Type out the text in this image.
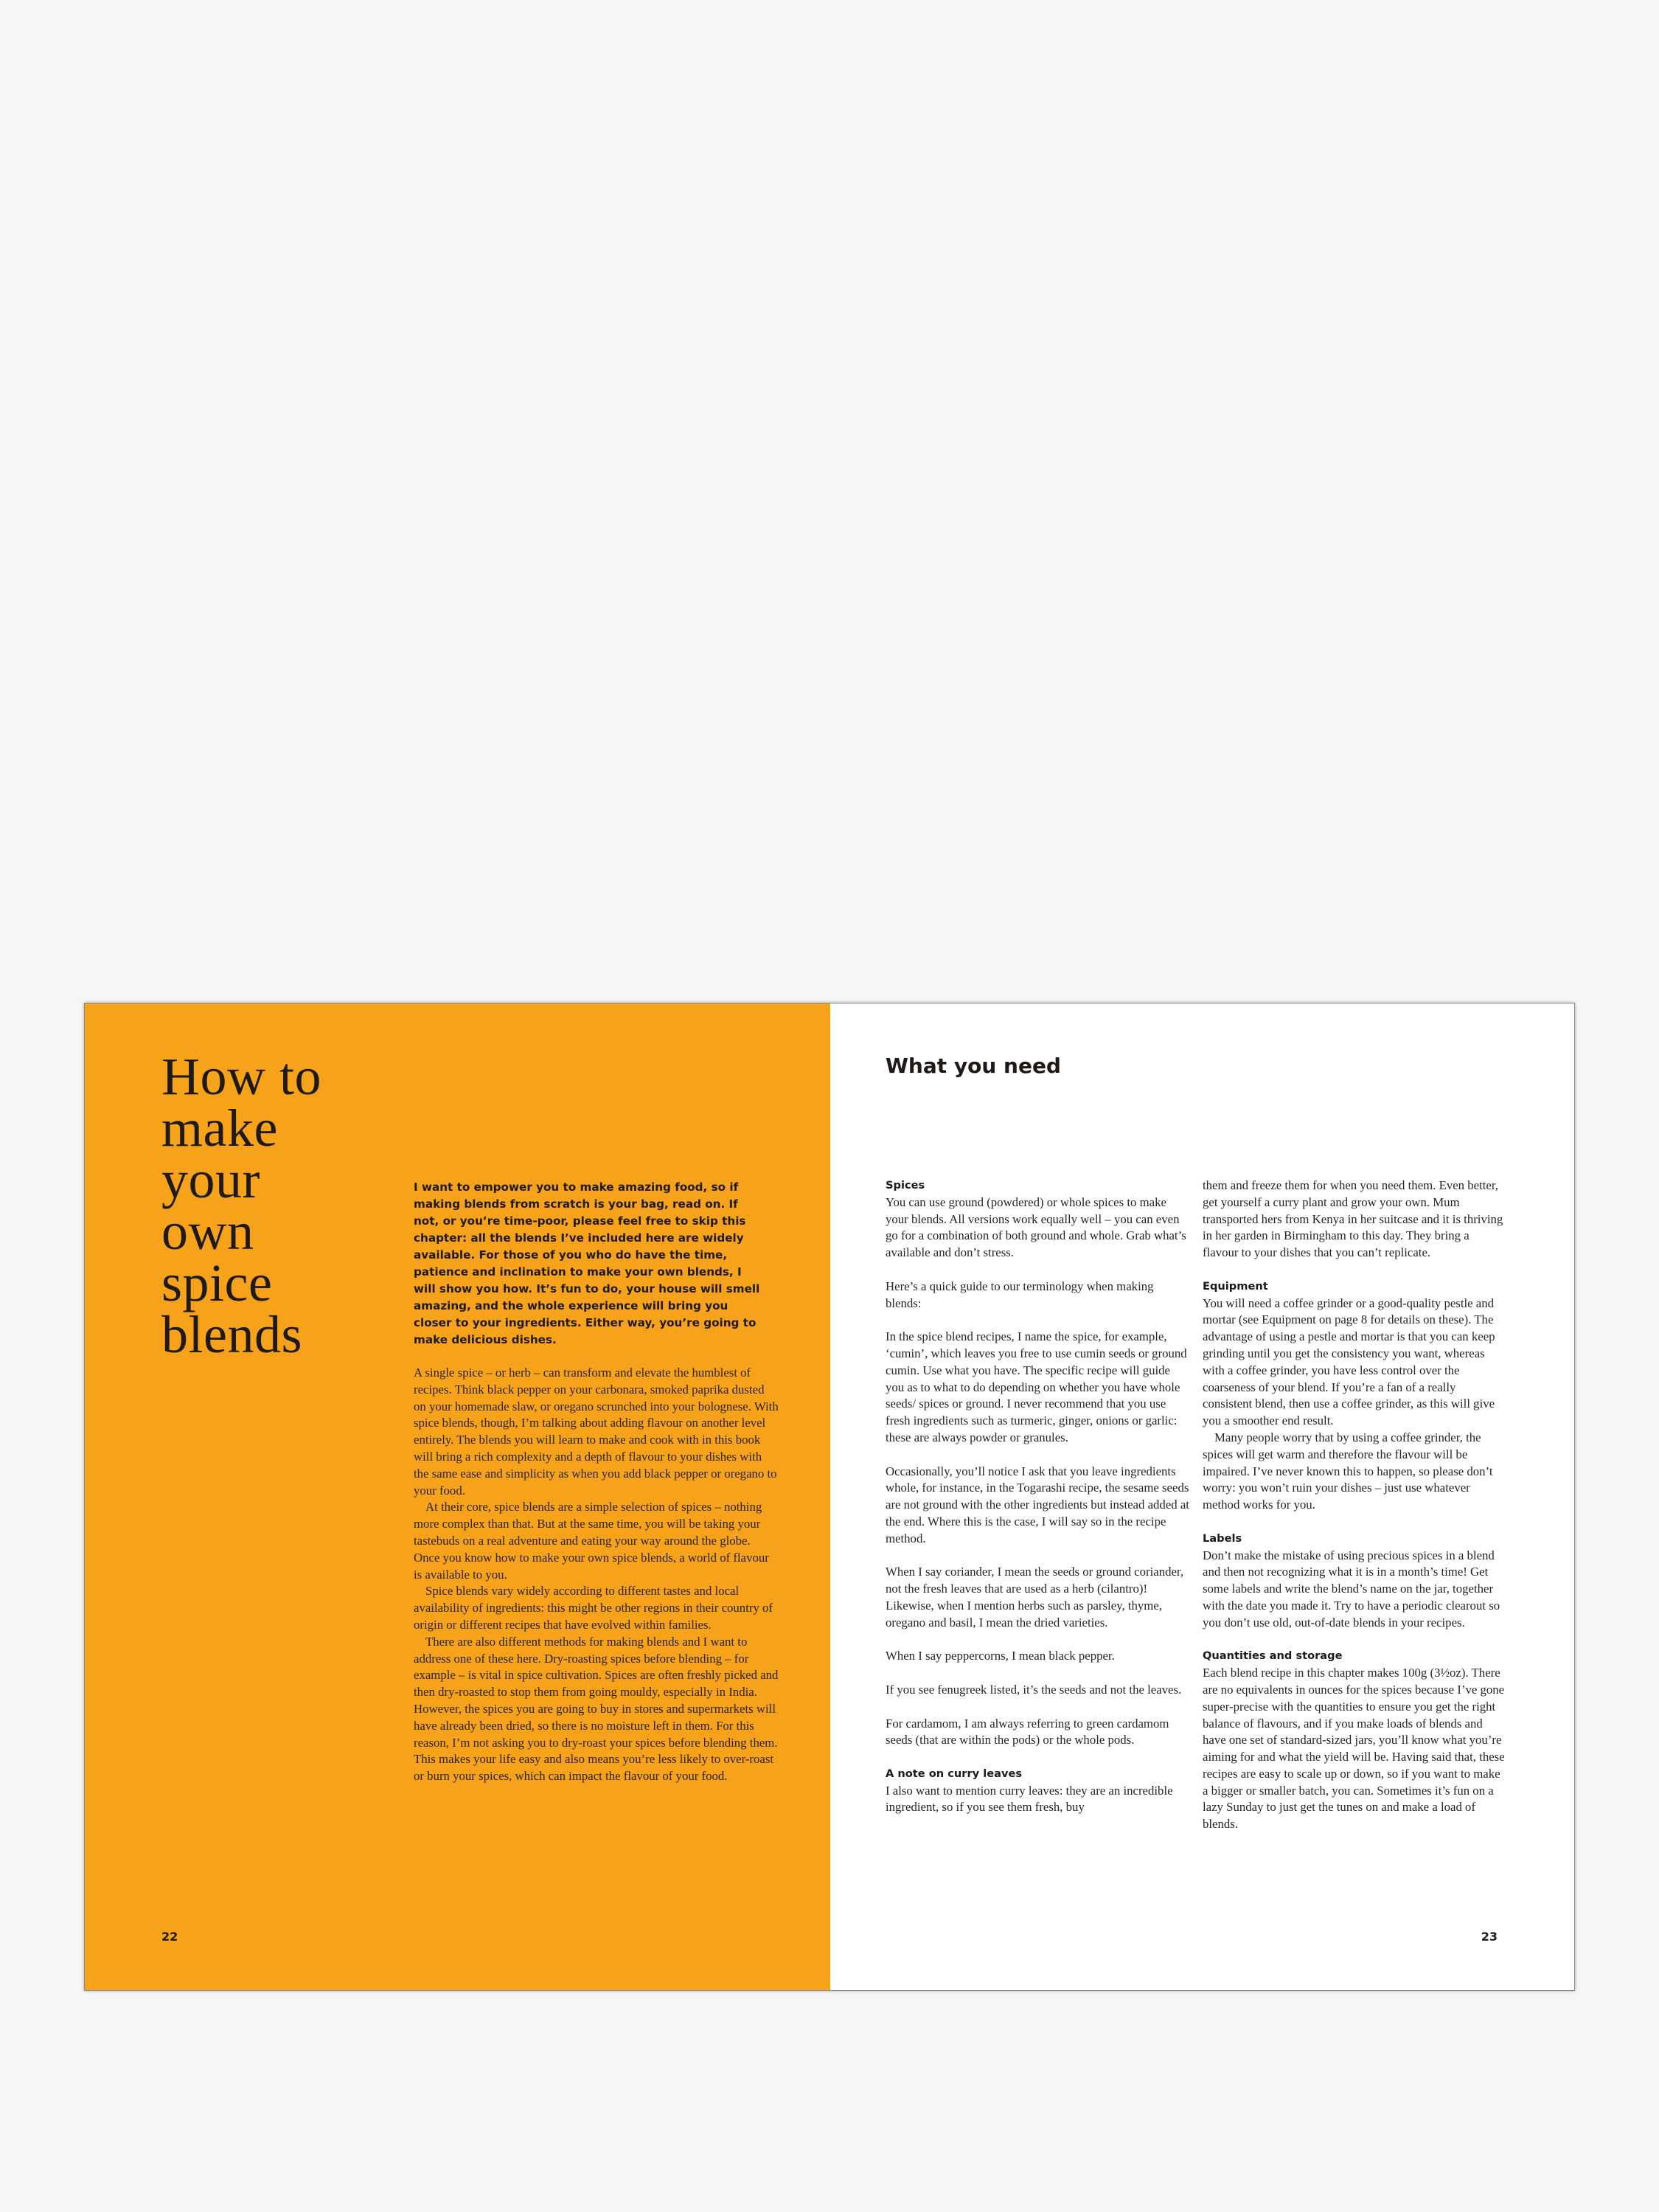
How to
make
your
own
spice
blends

I want to empower you to make amazing food, so if making blends from scratch is your bag, read on. If not, or you’re time-poor, please feel free to skip this chapter: all the blends I’ve included here are widely available. For those of you who do have the time, patience and inclination to make your own blends, I will show you how. It’s fun to do, your house will smell amazing, and the whole experience will bring you closer to your ingredients. Either way, you’re going to make delicious dishes.

A single spice – or herb – can transform and elevate the humblest of recipes. Think black pepper on your carbonara, smoked paprika dusted on your homemade slaw, or oregano scrunched into your bolognese. With spice blends, though, I’m talking about adding flavour on another level entirely. The blends you will learn to make and cook with in this book will bring a rich complexity and a depth of flavour to your dishes with the same ease and simplicity as when you add black pepper or oregano to your food.

At their core, spice blends are a simple selection of spices – nothing more complex than that. But at the same time, you will be taking your tastebuds on a real adventure and eating your way around the globe. Once you know how to make your own spice blends, a world of flavour is available to you.

Spice blends vary widely according to different tastes and local availability of ingredients: this might be other regions in their country of origin or different recipes that have evolved within families.

There are also different methods for making blends and I want to address one of these here. Dry-roasting spices before blending – for example – is vital in spice cultivation. Spices are often freshly picked and then dry-roasted to stop them from going mouldy, especially in India. However, the spices you are going to buy in stores and supermarkets will have already been dried, so there is no moisture left in them. For this reason, I’m not asking you to dry-roast your spices before blending them. This makes your life easy and also means you’re less likely to over-roast or burn your spices, which can impact the flavour of your food.

22
What you need

Spices
You can use ground (powdered) or whole spices to make your blends. All versions work equally well – you can even go for a combination of both ground and whole. Grab what’s available and don’t stress.

Here’s a quick guide to our terminology when making blends:

In the spice blend recipes, I name the spice, for example, ‘cumin’, which leaves you free to use cumin seeds or ground cumin. Use what you have. The specific recipe will guide you as to what to do depending on whether you have whole seeds/ spices or ground. I never recommend that you use fresh ingredients such as turmeric, ginger, onions or garlic: these are always powder or granules.

Occasionally, you’ll notice I ask that you leave ingredients whole, for instance, in the Togarashi recipe, the sesame seeds are not ground with the other ingredients but instead added at the end. Where this is the case, I will say so in the recipe method.

When I say coriander, I mean the seeds or ground coriander, not the fresh leaves that are used as a herb (cilantro)! Likewise, when I mention herbs such as parsley, thyme, oregano and basil, I mean the dried varieties.

When I say peppercorns, I mean black pepper.

If you see fenugreek listed, it’s the seeds and not the leaves.

For cardamom, I am always referring to green cardamom seeds (that are within the pods) or the whole pods.

A note on curry leaves
I also want to mention curry leaves: they are an incredible ingredient, so if you see them fresh, buy

them and freeze them for when you need them. Even better, get yourself a curry plant and grow your own. Mum transported hers from Kenya in her suitcase and it is thriving in her garden in Birmingham to this day. They bring a flavour to your dishes that you can’t replicate.

Equipment
You will need a coffee grinder or a good-quality pestle and mortar (see Equipment on page 8 for details on these). The advantage of using a pestle and mortar is that you can keep grinding until you get the consistency you want, whereas with a coffee grinder, you have less control over the coarseness of your blend. If you’re a fan of a really consistent blend, then use a coffee grinder, as this will give you a smoother end result.

Many people worry that by using a coffee grinder, the spices will get warm and therefore the flavour will be impaired. I’ve never known this to happen, so please don’t worry: you won’t ruin your dishes – just use whatever method works for you.

Labels
Don’t make the mistake of using precious spices in a blend and then not recognizing what it is in a month’s time! Get some labels and write the blend’s name on the jar, together with the date you made it. Try to have a periodic clearout so you don’t use old, out-of-date blends in your recipes.

Quantities and storage
Each blend recipe in this chapter makes 100g (3½oz). There are no equivalents in ounces for the spices because I’ve gone super-precise with the quantities to ensure you get the right balance of flavours, and if you make loads of blends and have one set of standard-sized jars, you’ll know what you’re aiming for and what the yield will be. Having said that, these recipes are easy to scale up or down, so if you want to make a bigger or smaller batch, you can. Sometimes it’s fun on a lazy Sunday to just get the tunes on and make a load of blends.

23
